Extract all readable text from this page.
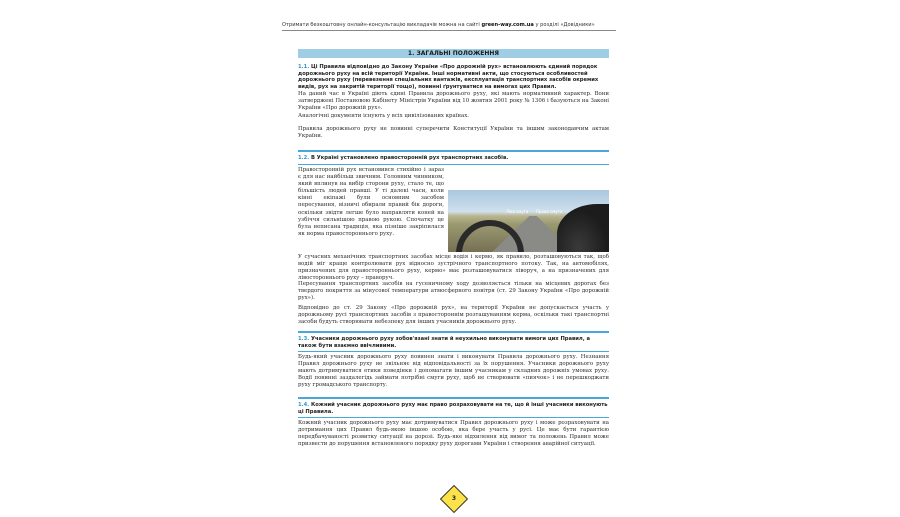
Отримати безкоштовну онлайн-консультацію викладачів можна на сайті green-way.com.ua у розділі «Довідники»
1. ЗАГАЛЬНІ ПОЛОЖЕННЯ
1.1. Ці Правила відповідно до Закону України «Про дорожній рух» встановлюють єдиний порядок дорожнього руху на всій території України. Інші нормативні акти, що стосуються особливостей дорожнього руху (перевезення спеціальних вантажів, експлуатація транспортних засобів окремих видів, рух на закритій території тощо), повинні ґрунтуватися на вимогах цих Правил.
На даний час в Україні діють єдині Правила дорожнього руху, які мають нормативний характер. Вони затверджені Постановою Кабінету Міністрів України від 10 жовтня 2001 року № 1306 і базуються на Законі України «Про дорожній рух».
Аналогічні документи існують у всіх цивілізованих країнах.
Правила дорожнього руху не повинні суперечити Конституції України та іншим законодавчим актам України.
1.2. В Україні установлено правосторонній рух транспортних засобів.
Правосторонній рух встановився стихійно і зараз є для нас найбільш звичним. Головним чинником, який вплинув на вибір сторони руху, стало те, що більшість людей правші. У ті далекі часи, коли кінні екіпажі були основним засобом пересування, візничі обирали правий бік дороги, оскільки звідти легше було направляти коней на узбіччя сильнішою правою рукою. Спочатку це була неписана традиція, яка пізніше закріпилася як норма правостороннього руху.
Ліва смуга Права смуга
У сучасних механічних транспортних засобах місце водія і кермо, як правило, розташовуються так, щоб водій міг краще контролювати рух відносно зустрічного транспортного потоку. Так, на автомобілях, призначених для правостороннього руху, кермо» має розташовуватися ліворуч, а на призначених для лівостороннього руху – праворуч.
Пересування транспортних засобів на гусеничному ходу дозволяється тільки на місцевих дорогах без твердого покриття за мінусової температури атмосферного повітря (ст. 29 Закону України «Про дорожній рух»).
Відповідно до ст. 29 Закону «Про дорожній рух», на території України не допускається участь у дорожньому русі транспортних засобів з правостороннім розташуванням керма, оскільки такі транспортні засоби будуть створювати небезпеку для інших учасників дорожнього руху.
1.3. Учасники дорожнього руху зобов'язані знати й неухильно виконувати вимоги цих Правил, а також бути взаємно ввічливими.
Будь-який учасник дорожнього руху повинен знати і виконувати Правила дорожнього руху. Незнання Правил дорожнього руху не звільняє від відповідальності за їх порушення. Учасники дорожнього руху мають дотримуватися етики поведінки і допомагати іншим учасникам у складних дорожніх умовах руху. Водії повинні заздалегідь займати потрібні смуги руху, щоб не створювати «пиячок» і не перешкоджати руху громадського транспорту.
1.4. Кожний учасник дорожнього руху має право розраховувати на те, що й інші учасники виконують ці Правила.
Кожний учасник дорожнього руху має дотримуватися Правил дорожнього руху і може розраховувати на дотримання цих Правил будь-якою іншою особою, яка бере участь у русі. Це має бути гарантією передбачуваності розвитку ситуації на дорозі. Будь-яке відхилення від вимог та положень Правил може призвести до порушення встановленого порядку руху дорогами України і створення аварійної ситуації.
3
